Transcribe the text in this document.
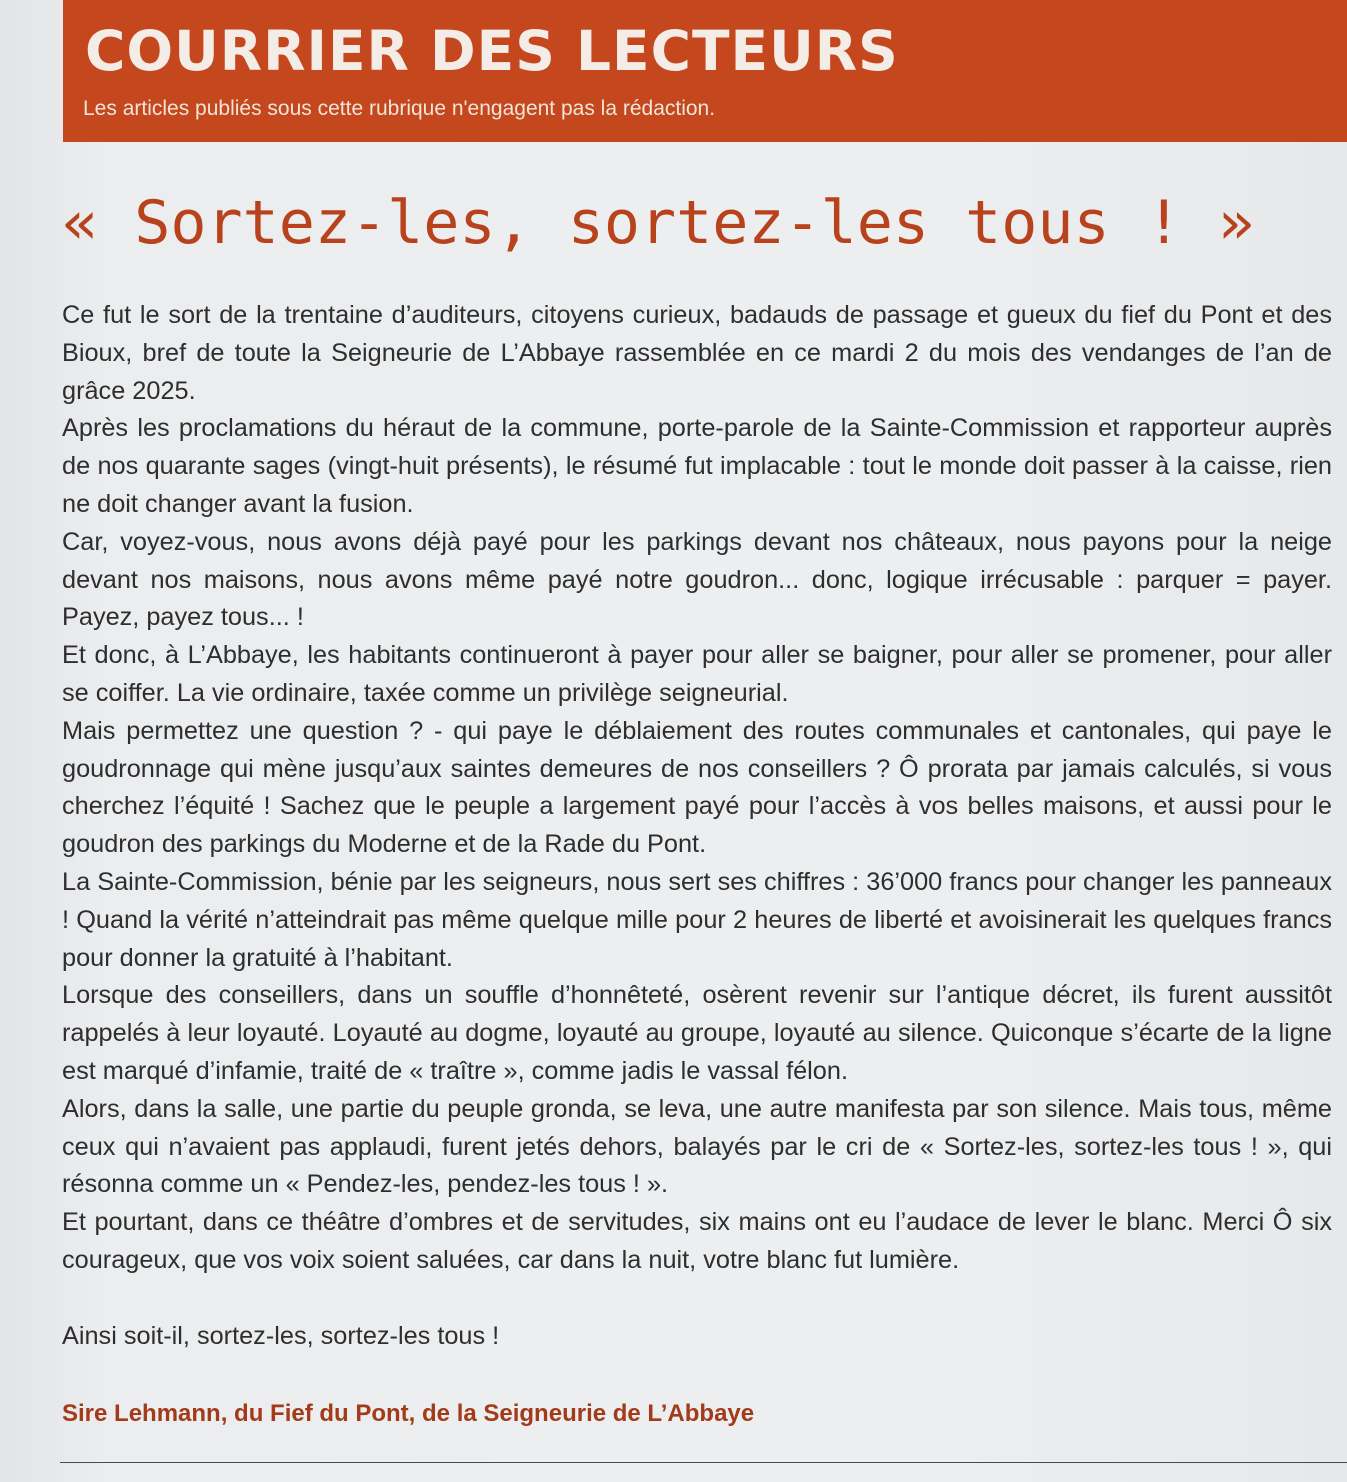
COURRIER DES LECTEURS
Les articles publiés sous cette rubrique n'engagent pas la rédaction.
« Sortez-les, sortez-les tous ! »

Ce fut le sort de la trentaine d’auditeurs, citoyens curieux, badauds de passage et gueux du fief du Pont et des Bioux, bref de toute la Seigneurie de L’Abbaye rassemblée en ce mardi 2 du mois des vendanges de l’an de grâce 2025.

Après les proclamations du héraut de la commune, porte-parole de la Sainte-Commission et rapporteur auprès de nos quarante sages (vingt-huit présents), le résumé fut implacable : tout le monde doit passer à la caisse, rien ne doit changer avant la fusion.

Car, voyez-vous, nous avons déjà payé pour les parkings devant nos châteaux, nous payons pour la neige devant nos maisons, nous avons même payé notre goudron... donc, logique irrécusable : parquer = payer. Payez, payez tous... !

Et donc, à L’Abbaye, les habitants continueront à payer pour aller se baigner, pour aller se promener, pour aller se coiffer. La vie ordinaire, taxée comme un privilège seigneurial.

Mais permettez une question ? - qui paye le déblaiement des routes communales et cantonales, qui paye le goudronnage qui mène jusqu’aux saintes demeures de nos conseillers ? Ô prorata par jamais calculés, si vous cherchez l’équité ! Sachez que le peuple a largement payé pour l’accès à vos belles maisons, et aussi pour le goudron des parkings du Moderne et de la Rade du Pont.

La Sainte-Commission, bénie par les seigneurs, nous sert ses chiffres : 36’000 francs pour changer les panneaux ! Quand la vérité n’atteindrait pas même quelque mille pour 2 heures de liberté et avoisinerait les quelques francs pour donner la gratuité à l’habitant.

Lorsque des conseillers, dans un souffle d’honnêteté, osèrent revenir sur l’antique décret, ils furent aussitôt rappelés à leur loyauté. Loyauté au dogme, loyauté au groupe, loyauté au silence. Quiconque s’écarte de la ligne est marqué d’infamie, traité de « traître », comme jadis le vassal félon.

Alors, dans la salle, une partie du peuple gronda, se leva, une autre manifesta par son silence. Mais tous, même ceux qui n’avaient pas applaudi, furent jetés dehors, balayés par le cri de « Sortez-les, sortez-les tous ! », qui résonna comme un « Pendez-les, pendez-les tous ! ».

Et pourtant, dans ce théâtre d’ombres et de servitudes, six mains ont eu l’audace de lever le blanc. Merci Ô six courageux, que vos voix soient saluées, car dans la nuit, votre blanc fut lumière.

Ainsi soit-il, sortez-les, sortez-les tous !
Sire Lehmann, du Fief du Pont, de la Seigneurie de L’Abbaye
